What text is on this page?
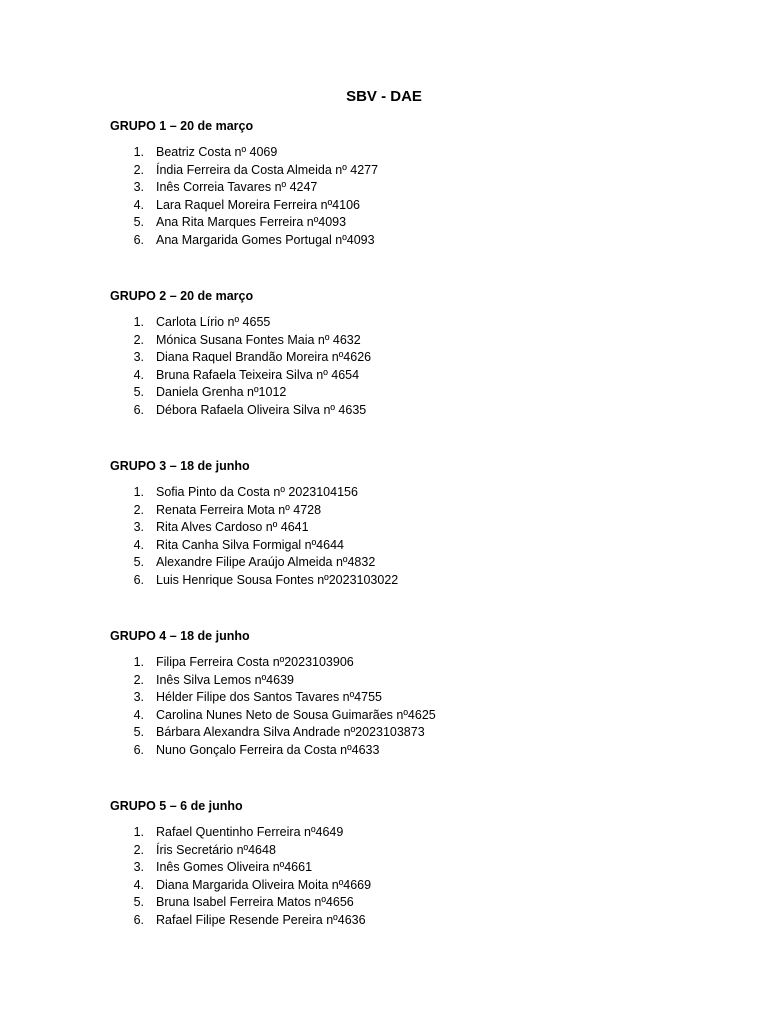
SBV - DAE

GRUPO 1 – 20 de março

1. Beatriz Costa nº 4069
2. Índia Ferreira da Costa Almeida nº 4277
3. Inês Correia Tavares nº 4247
4. Lara Raquel Moreira Ferreira nº4106
5. Ana Rita Marques Ferreira nº4093
6. Ana Margarida Gomes Portugal nº4093

GRUPO 2 – 20 de março

1. Carlota Lírio nº 4655
2. Mónica Susana Fontes Maia nº 4632
3. Diana Raquel Brandão Moreira nº4626
4. Bruna Rafaela Teixeira Silva nº 4654
5. Daniela Grenha nº1012
6. Débora Rafaela Oliveira Silva nº 4635

GRUPO 3 – 18 de junho

1. Sofia Pinto da Costa nº 2023104156
2. Renata Ferreira Mota nº 4728
3. Rita Alves Cardoso nº 4641
4. Rita Canha Silva Formigal nº4644
5. Alexandre Filipe Araújo Almeida nº4832
6. Luis Henrique Sousa Fontes nº2023103022

GRUPO 4 – 18 de junho

1. Filipa Ferreira Costa nº2023103906
2. Inês Silva Lemos nº4639
3. Hélder Filipe dos Santos Tavares nº4755
4. Carolina Nunes Neto de Sousa Guimarães nº4625
5. Bárbara Alexandra Silva Andrade nº2023103873
6. Nuno Gonçalo Ferreira da Costa nº4633

GRUPO 5 – 6 de junho

1. Rafael Quentinho Ferreira nº4649
2. Íris Secretário nº4648
3. Inês Gomes Oliveira nº4661
4. Diana Margarida Oliveira Moita nº4669
5. Bruna Isabel Ferreira Matos nº4656
6. Rafael Filipe Resende Pereira nº4636
